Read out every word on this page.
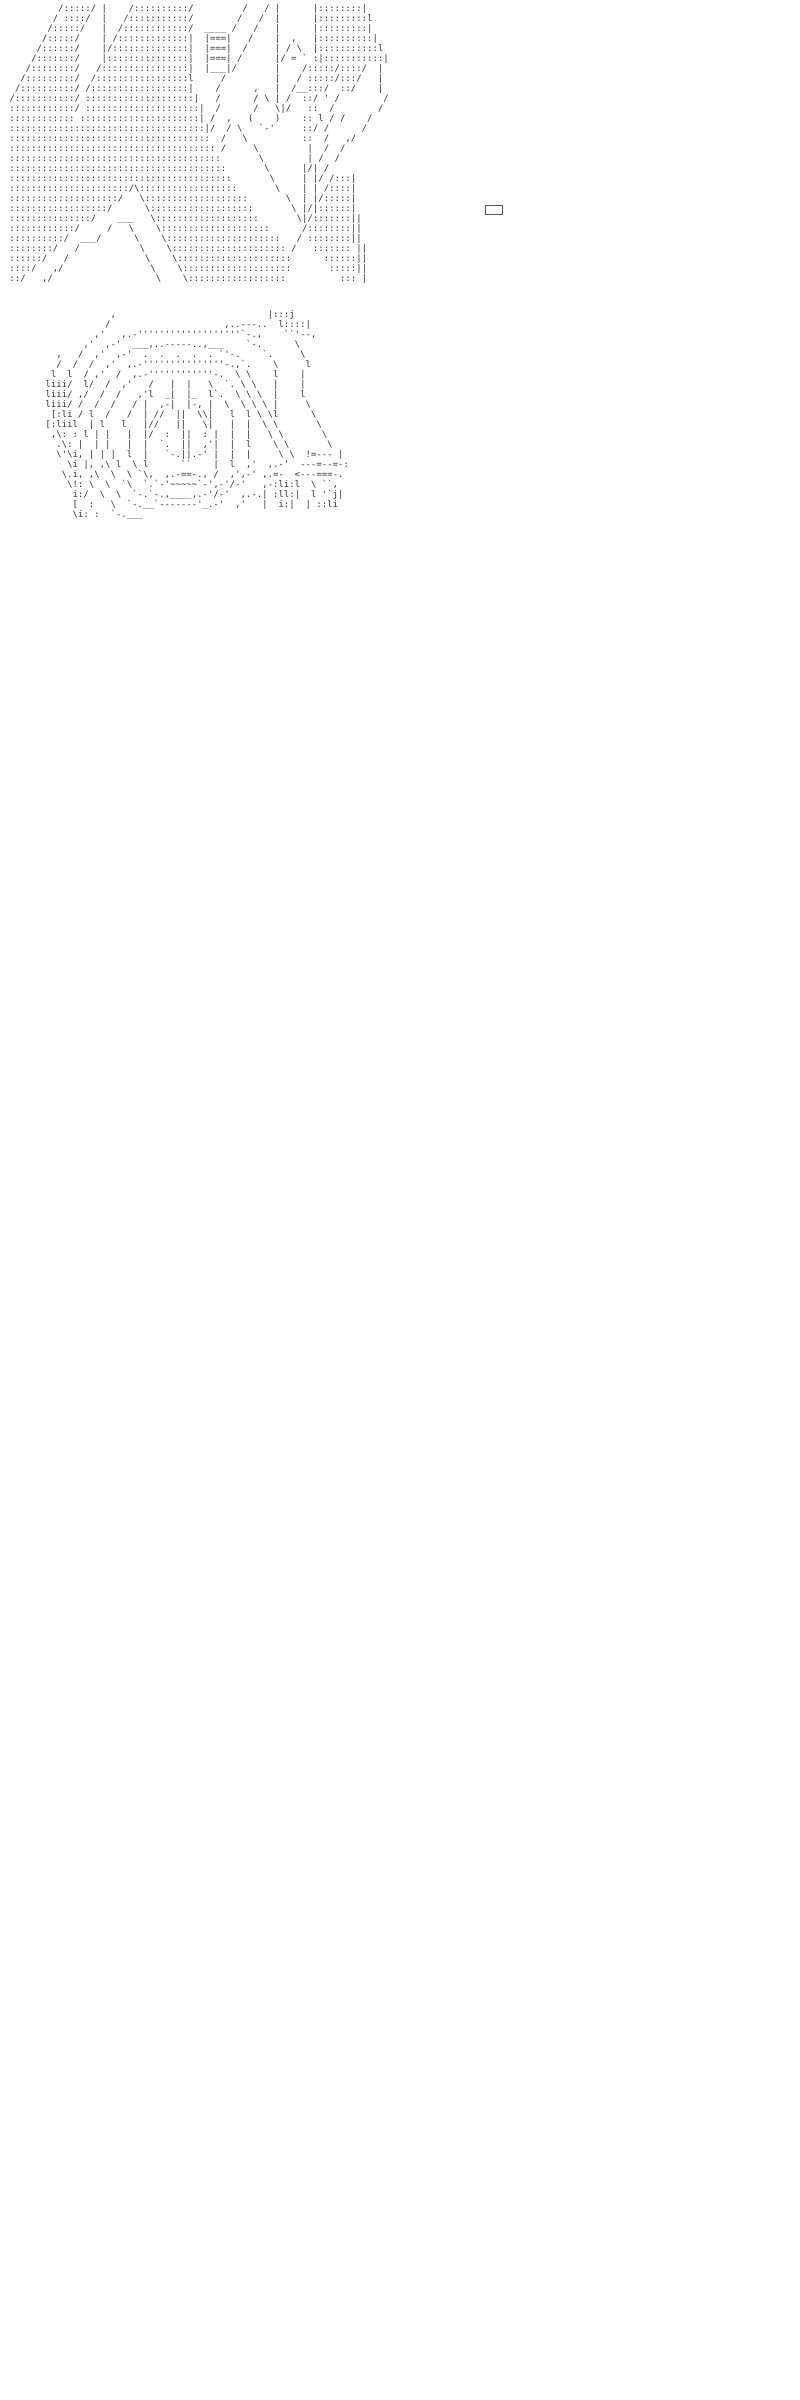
/:::::/ |    /::::::::::/         /   / |      |::::::::|
/ ::::/  |   /:::::::::::/        /   /  |      |:::::::::l
/:::::/   |  /::::::::::::/  ____ /   /   |      |:::::::::|
/:::::/    | /:::::::::::::|  |===|   /    |  ,   |::::::::::|
/::::::/    |/::::::::::::::|  |===|  /     | / \  |:::::::::::l
/:::::::/    |:::::::::::::::|  |===| /      |/ = ` :|:::::::::::|
/::::::::/   /::::::::::::::::|  |___|/       |    /:::::/::::/  |
/:::::::::/  /:::::::::::::::::l     /         |   / :::::/:::/   |
/::::::::::/ /::::::::::::::::::|    /      ,   |  /__:::/  ::/    |
/:::::::::::/ ::::::::::::::::::::|   /      / \ | /  ::/ ' /        /
::::::::::::/ :::::::::::::::::::::|  /      /   \|/   ::  /        /
:::::::::::: ::::::::::::::::::::::| /  ,   (    )    :: l / /    /
::::::::::::::::::::::::::::::::::::|/  / \   `-'     ::/ /      /
:::::::::::::::::::::::::::::::::::::  /   \          ::  /   ,/
:::::::::::::::::::::::::::::::::::::: /     \         |  /  /
:::::::::::::::::::::::::::::::::::::::       \        | /  /
::::::::::::::::::::::::::::::::::::::::       \      |/| /
:::::::::::::::::::::::::::::::::::::::::       \     | |/ /:::|
::::::::::::::::::::::/\::::::::::::::::::       \    | | /::::|
::::::::::::::::::::/   \:::::::::::::::::::       \  | |/:::::|
::::::::::::::::::/      \:::::::::::::::::::       \ |/|::::::|
:::::::::::::::/    ___   \:::::::::::::::::::       \|/:::::::||
::::::::::::/     /   \    \::::::::::::::::::::      /::::::::||
::::::::::/  ___/      \    \:::::::::::::::::::::   / ::::::::||
::::::::/   /           \    \::::::::::::::::::::: /   ::::::: ||
::::::/   /              \    \:::::::::::::::::::::      ::::::||
::::/   ,/                \    \::::::::::::::::::::       :::::||
::/   ,/                   \    \::::::::::::::::::          ::: |

,                            |:::j
/                     ,..---..  l::::|
,'   ,.-'''''''''''''''''''`-.,    ``'--,
,'  ,-'  ___,..-----..,___    `-.      \
,   /  ,'  ,-'  .  .  .  .  . `'-.    `.     \
/  /  /  ,'  ,.-'''''''''''''''-.,`.    \     l
l  l  / ,'  /  ,.-''''''''''''-.  \ \    l    |
liii/  l/  /  ,'   /   |  |   \  `. \ \   |    |
liii/ ,/  /  /   ,'l  _|  |_  l`.  \ \ \  |    l
liii/ /  /  /   / |  ,-|  |-, |  \  \ \ \ |     \
[:li / l  /   /  | //  ||  \\|   l  l \ \l      \
[:liil  | l   l   |//   ||   \|   |  |  \ \       \
,\: : l | |   |  |/  :  ||  : |  |  |   \ \       \
.\: |  | |   |  |  `.  ||  ,'|  |  l    \ \       \
\'\i, | | |  l  |   `-.||.-' |  |  |     \ \  !=--- |
\i |, ,\ l  \ l      ``    |  l  ,'  ,.-'  ---=--=-:
\.i, ,\  \  \ `\,  ,.-==-., /  ,',-' ,.=-  <---===-.
\!: \  \  `\  `.`-'~~~~~`-',-'/-'   ,-:li:l  \ ``,
i:/  \  \  `-.`-.,____,.-'/-'  ,.-.| :ll:|  l '`j|
[  :   \  `-.__`-------'_.-'  ,'   |  i:|  | ::li
\i: :  `-.___
